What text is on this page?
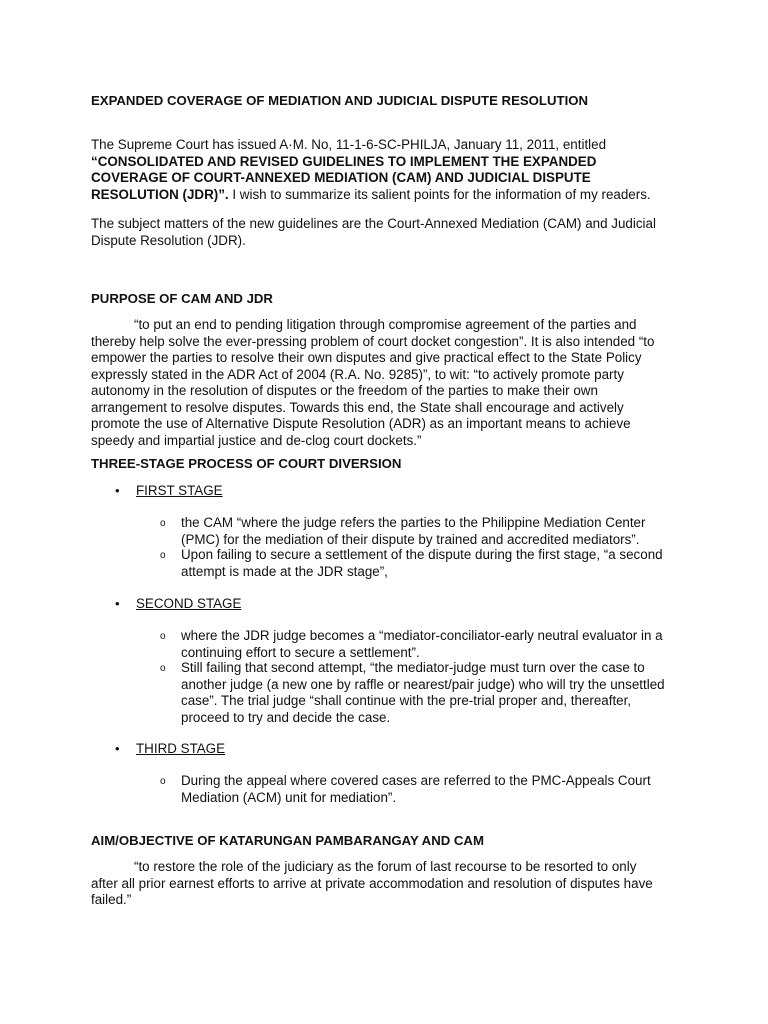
EXPANDED COVERAGE OF MEDIATION AND JUDICIAL DISPUTE RESOLUTION

The Supreme Court has issued A·M. No, 11-1-6-SC-PHILJA, January 11, 2011, entitled “CONSOLIDATED AND REVISED GUIDELINES TO IMPLEMENT THE EXPANDED COVERAGE OF COURT-ANNEXED MEDIATION (CAM) AND JUDICIAL DISPUTE RESOLUTION (JDR)”. I wish to summarize its salient points for the information of my readers.

The subject matters of the new guidelines are the Court-Annexed Mediation (CAM) and Judicial Dispute Resolution (JDR).

PURPOSE OF CAM AND JDR

“to put an end to pending litigation through compromise agreement of the parties and thereby help solve the ever-pressing problem of court docket congestion”. It is also intended “to empower the parties to resolve their own disputes and give practical effect to the State Policy expressly stated in the ADR Act of 2004 (R.A. No. 9285)”, to wit: “to actively promote party autonomy in the resolution of disputes or the freedom of the parties to make their own arrangement to resolve disputes. Towards this end, the State shall encourage and actively promote the use of Alternative Dispute Resolution (ADR) as an important means to achieve speedy and impartial justice and de-clog court dockets.”

THREE-STAGE PROCESS OF COURT DIVERSION

• FIRST STAGE
o the CAM “where the judge refers the parties to the Philippine Mediation Center (PMC) for the mediation of their dispute by trained and accredited mediators”.
o Upon failing to secure a settlement of the dispute during the first stage, “a second attempt is made at the JDR stage”,
• SECOND STAGE
o where the JDR judge becomes a “mediator-conciliator-early neutral evaluator in a continuing effort to secure a settlement”.
o Still failing that second attempt, “the mediator-judge must turn over the case to another judge (a new one by raffle or nearest/pair judge) who will try the unsettled case”. The trial judge “shall continue with the pre-trial proper and, thereafter, proceed to try and decide the case.
• THIRD STAGE
o During the appeal where covered cases are referred to the PMC-Appeals Court Mediation (ACM) unit for mediation”.

AIM/OBJECTIVE OF KATARUNGAN PAMBARANGAY AND CAM

“to restore the role of the judiciary as the forum of last recourse to be resorted to only after all prior earnest efforts to arrive at private accommodation and resolution of disputes have failed.”
